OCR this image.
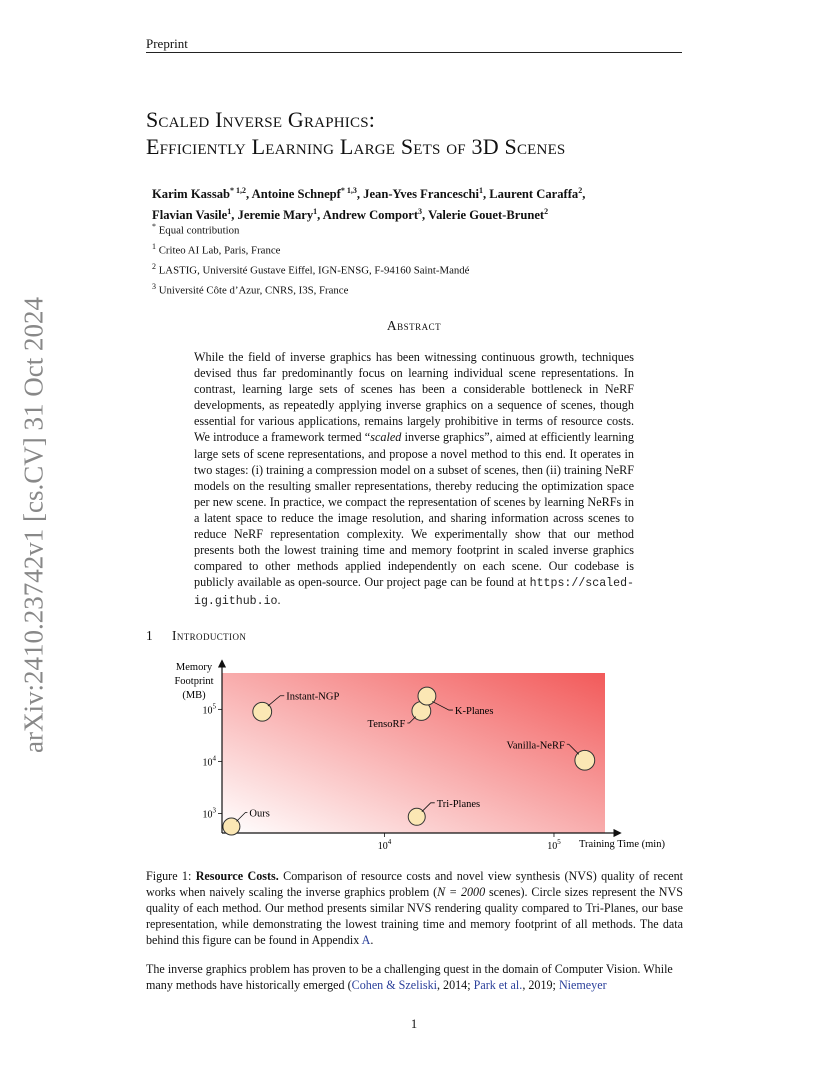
Preprint
arXiv:2410.23742v1 [cs.CV] 31 Oct 2024
Scaled Inverse Graphics:
Efficiently Learning Large Sets of 3D Scenes
Karim Kassab$^{* 1,2}$, Antoine Schnepf$^{* 1,3}$, Jean-Yves Franceschi$^1$, Laurent Caraffa$^2$,
Flavian Vasile$^1$, Jeremie Mary$^1$, Andrew Comport$^3$, Valerie Gouet-Brunet$^2$
* Equal contribution
$^1$ Criteo AI Lab, Paris, France
$^2$ LASTIG, Université Gustave Eiffel, IGN-ENSG, F-94160 Saint-Mandé
$^3$ Université Côte d’Azur, CNRS, I3S, France
Abstract
While the field of inverse graphics has been witnessing continuous growth, techniques devised thus far predominantly focus on learning individual scene representations. In contrast, learning large sets of scenes has been a considerable bottleneck in NeRF developments, as repeatedly applying inverse graphics on a sequence of scenes, though essential for various applications, remains largely prohibitive in terms of resource costs. We introduce a framework termed “scaled inverse graphics”, aimed at efficiently learning large sets of scene representations, and propose a novel method to this end. It operates in two stages: (i) training a compression model on a subset of scenes, then (ii) training NeRF models on the resulting smaller representations, thereby reducing the optimization space per new scene. In practice, we compact the representation of scenes by learning NeRFs in a latent space to reduce the image resolution, and sharing information across scenes to reduce NeRF representation complexity. We experimentally show that our method presents both the lowest training time and memory footprint in scaled inverse graphics compared to other methods applied independently on each scene. Our codebase is publicly available as open-source. Our project page can be found at https://scaled-ig.github.io.
1 Introduction
Memory
Footprint
(MB)
Training Time (min)
$10^4$	$10^5$
$10^3$
$10^4$
$10^5$
Instant-NGP
TensoRF
K-Planes
Vanilla-NeRF
Tri-Planes
Ours
Figure 1: Resource Costs. Comparison of resource costs and novel view synthesis (NVS) quality of recent works when naively scaling the inverse graphics problem (N = 2000 scenes). Circle sizes represent the NVS quality of each method. Our method presents similar NVS rendering quality compared to Tri-Planes, our base representation, while demonstrating the lowest training time and memory footprint of all methods. The data behind this figure can be found in Appendix A.
The inverse graphics problem has proven to be a challenging quest in the domain of Computer Vision. While many methods have historically emerged (Cohen & Szeliski, 2014; Park et al., 2019; Niemeyer
1
